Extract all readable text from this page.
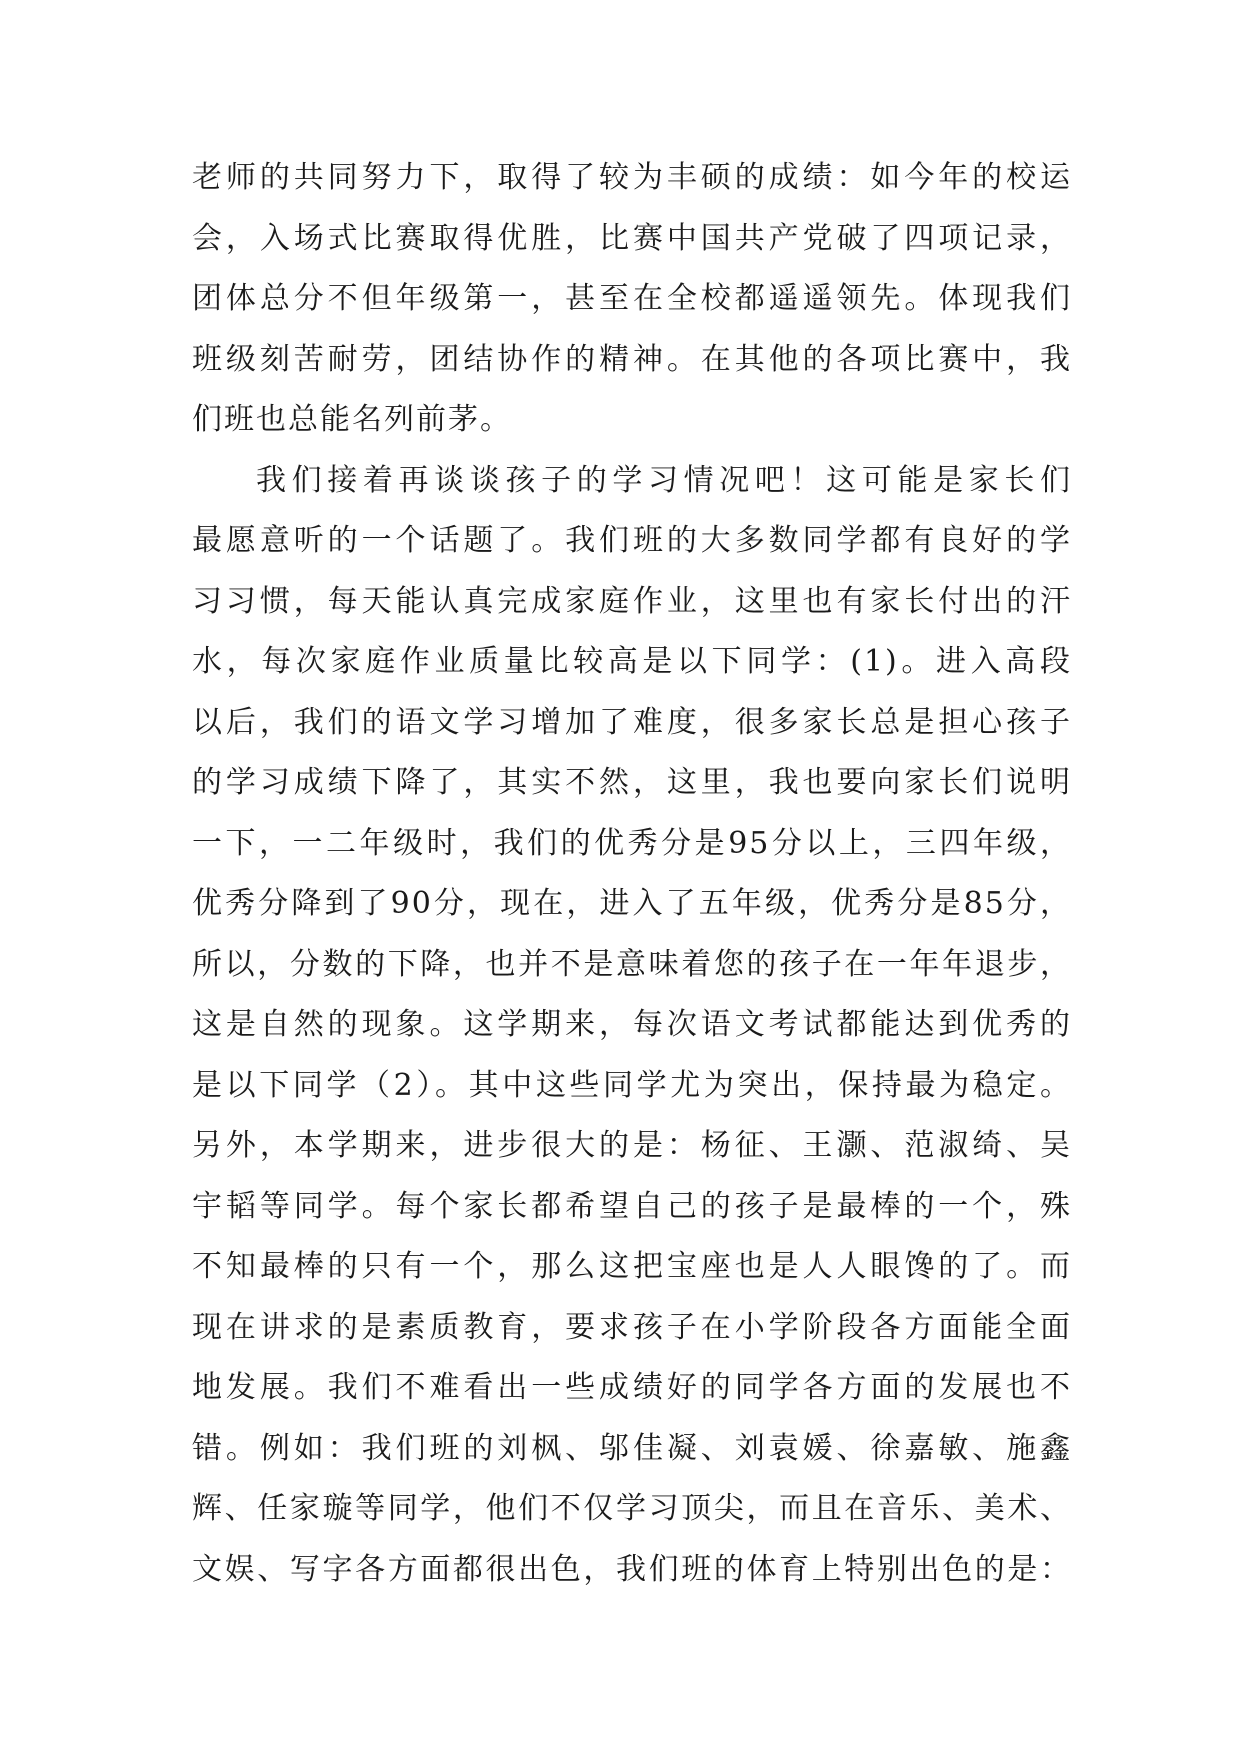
老师的共同努力下，取得了较为丰硕的成绩：如今年的校运
会，入场式比赛取得优胜，比赛中国共产党破了四项记录，
团体总分不但年级第一，甚至在全校都遥遥领先。体现我们
班级刻苦耐劳，团结协作的精神。在其他的各项比赛中，我
们班也总能名列前茅。
我们接着再谈谈孩子的学习情况吧！这可能是家长们
最愿意听的一个话题了。我们班的大多数同学都有良好的学
习习惯，每天能认真完成家庭作业，这里也有家长付出的汗
水，每次家庭作业质量比较高是以下同学：(1)。进入高段
以后，我们的语文学习增加了难度，很多家长总是担心孩子
的学习成绩下降了，其实不然，这里，我也要向家长们说明
一下，一二年级时，我们的优秀分是95分以上，三四年级，
优秀分降到了90分，现在，进入了五年级，优秀分是85分，
所以，分数的下降，也并不是意味着您的孩子在一年年退步，
这是自然的现象。这学期来，每次语文考试都能达到优秀的
是以下同学（2）。其中这些同学尤为突出，保持最为稳定。
另外，本学期来，进步很大的是：杨征、王灏、范淑绮、吴
宇韬等同学。每个家长都希望自己的孩子是最棒的一个，殊
不知最棒的只有一个，那么这把宝座也是人人眼馋的了。而
现在讲求的是素质教育，要求孩子在小学阶段各方面能全面
地发展。我们不难看出一些成绩好的同学各方面的发展也不
错。例如：我们班的刘枫、邬佳凝、刘袁媛、徐嘉敏、施鑫
辉、任家璇等同学，他们不仅学习顶尖，而且在音乐、美术、
文娱、写字各方面都很出色，我们班的体育上特别出色的是：
